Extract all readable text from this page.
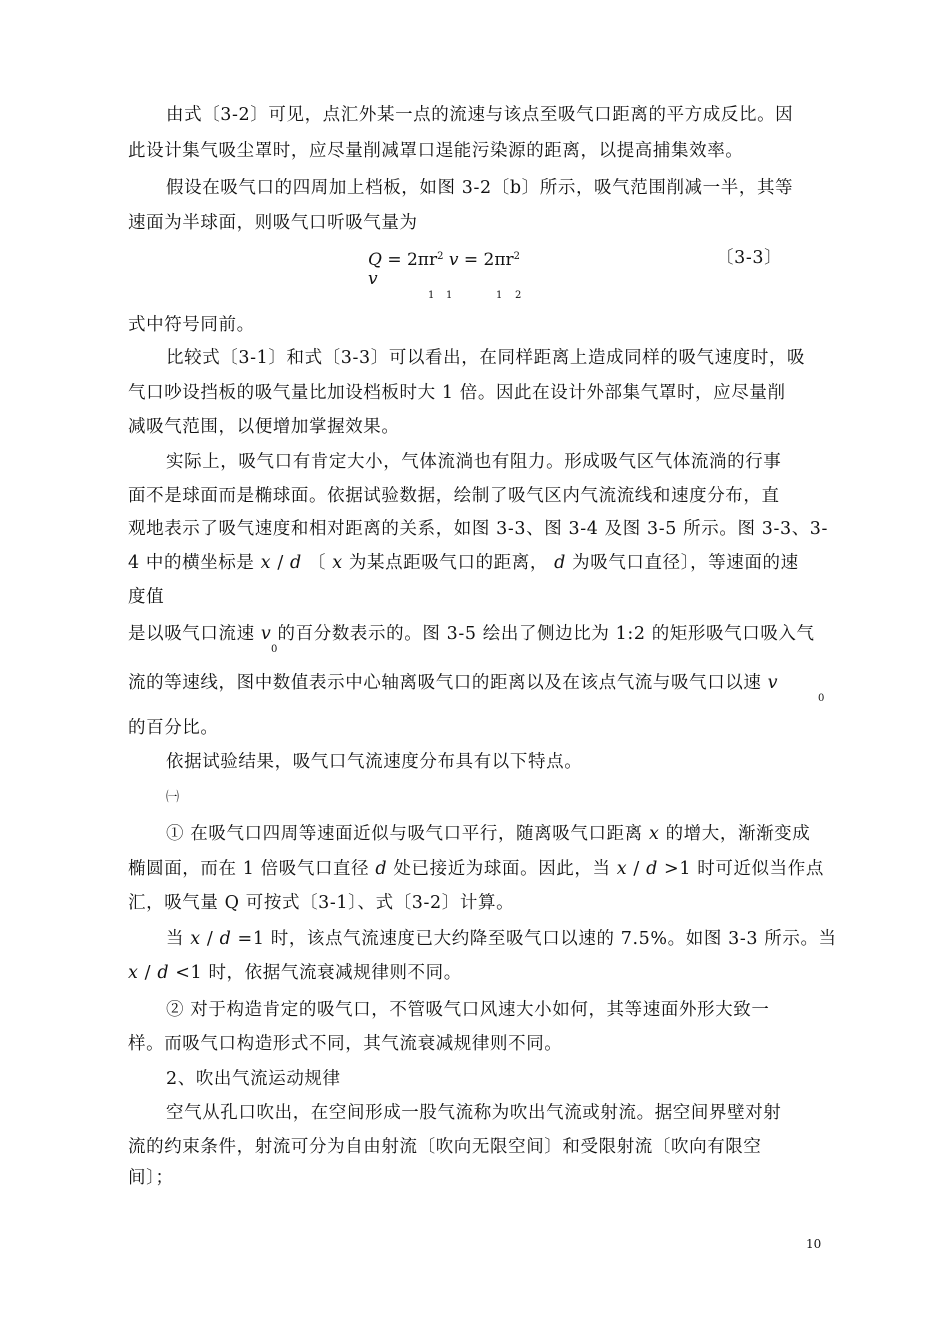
由式〔3-2〕可见，点汇外某一点的流速与该点至吸气口距离的平方成反比。因
此设计集气吸尘罩时，应尽量削减罩口逞能污染源的距离，以提高捕集效率。
假设在吸气口的四周加上档板，如图 3-2〔b〕所示，吸气范围削减一半，其等
速面为半球面，则吸气口听吸气量为
$Q = 2\pi r^2$ $v = 2\pi r^2$
v
1 1	1 2
〔3-3〕
式中符号同前。
比较式〔3-1〕和式〔3-3〕可以看出，在同样距离上造成同样的吸气速度时，吸
气口吵设挡板的吸气量比加设档板时大 1 倍。因此在设计外部集气罩时，应尽量削
减吸气范围，以便增加掌握效果。
实际上，吸气口有肯定大小，气体流淌也有阻力。形成吸气区气体流淌的行事
面不是球面而是椭球面。依据试验数据，绘制了吸气区内气流流线和速度分布，直
观地表示了吸气速度和相对距离的关系，如图 3-3、图 3-4 及图 3-5 所示。图 3-3、3-
4 中的横坐标是 x / d 〔 x 为某点距吸气口的距离， d 为吸气口直径〕，等速面的速
度值
是以吸气口流速 v 的百分数表示的。图 3-5 绘出了侧边比为 1:2 的矩形吸气口吸入气
0
流的等速线，图中数值表示中心轴离吸气口的距离以及在该点气流与吸气口以速 v
0
的百分比。
依据试验结果，吸气口气流速度分布具有以下特点。
㈠
① 在吸气口四周等速面近似与吸气口平行，随离吸气口距离 x 的增大，渐渐变成
椭圆面，而在 1 倍吸气口直径 d 处已接近为球面。因此，当 x / d >1 时可近似当作点
汇，吸气量 Q 可按式〔3-1〕、式〔3-2〕计算。
当 x / d =1 时，该点气流速度已大约降至吸气口以速的 7.5%。如图 3-3 所示。当
x / d <1 时，依据气流衰减规律则不同。
② 对于构造肯定的吸气口，不管吸气口风速大小如何，其等速面外形大致一
样。而吸气口构造形式不同，其气流衰减规律则不同。
2、吹出气流运动规律
空气从孔口吹出，在空间形成一股气流称为吹出气流或射流。据空间界壁对射
流的约束条件，射流可分为自由射流〔吹向无限空间〕和受限射流〔吹向有限空
间〕；
10
